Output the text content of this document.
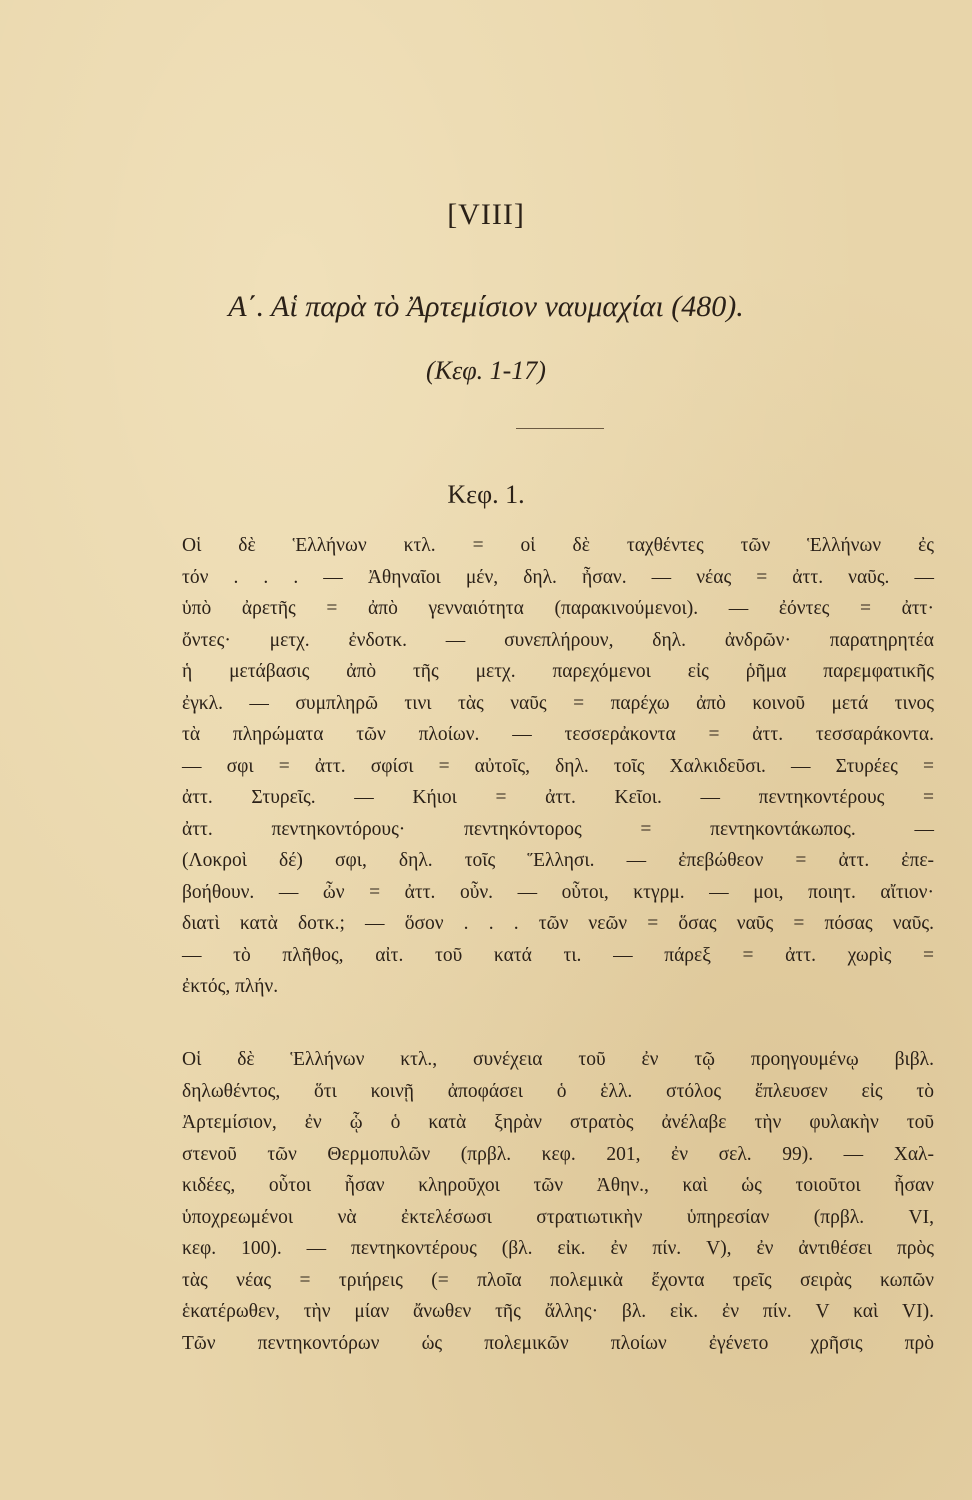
[VIII]
Α΄. Αἱ παρὰ τὸ Ἀρτεμίσιον ναυμαχίαι (480).
(Κεφ. 1-17)
Κεφ. 1.
Οἱ δὲ Ἑλλήνων κτλ. = οἱ δὲ ταχθέντες τῶν Ἑλλήνων ἐς
τόν . . . — Ἀθηναῖοι μέν, δηλ. ἦσαν. — νέας = ἀττ. ναῦς. —
ὑπὸ ἀρετῆς = ἀπὸ γενναιότητα (παρακινούμενοι). — ἐόντες = ἀττ·
ὄντες· μετχ. ἐνδοτκ. — συνεπλήρουν, δηλ. ἀνδρῶν· παρατηρητέα
ἡ μετάβασις ἀπὸ τῆς μετχ. παρεχόμενοι εἰς ῥῆμα παρεμφατικῆς
ἐγκλ. — συμπληρῶ τινι τὰς ναῦς = παρέχω ἀπὸ κοινοῦ μετά τινος
τὰ πληρώματα τῶν πλοίων. — τεσσερἀκοντα = ἀττ. τεσσαράκοντα.
— σφι = ἀττ. σφίσι = αὐτοῖς, δηλ. τοῖς Χαλκιδεῦσι. — Στυρέες =
ἀττ. Στυρεῖς. — Κήιοι = ἀττ. Κεῖοι. — πεντηκοντέρους =
ἀττ. πεντηκοντόρους· πεντηκόντορος = πεντηκοντάκωπος. —
(Λοκροὶ δέ) σφι, δηλ. τοῖς Ἕλλησι. — ἐπεβώθεον = ἀττ. ἐπε-
βοήθουν. — ὦν = ἀττ. οὖν. — οὗτοι, κτγρμ. — μοι, ποιητ. αἴτιον·
διατὶ κατὰ δοτκ.; — ὅσον . . . τῶν νεῶν = ὅσας ναῦς = πόσας ναῦς.
— τὸ πλῆθος, αἰτ. τοῦ κατά τι. — πάρεξ = ἀττ. χωρὶς =
ἐκτός, πλήν.
Οἱ δὲ Ἑλλήνων κτλ., συνέχεια τοῦ ἐν τῷ προηγουμένῳ βιβλ.
δηλωθέντος, ὅτι κοινῇ ἀποφάσει ὁ ἑλλ. στόλος ἔπλευσεν εἰς τὸ
Ἀρτεμίσιον, ἐν ᾧ ὁ κατὰ ξηρὰν στρατὸς ἀνέλαβε τὴν φυλακὴν τοῦ
στενοῦ τῶν Θερμοπυλῶν (πρβλ. κεφ. 201, ἐν σελ. 99). — Χαλ-
κιδέες, οὗτοι ἦσαν κληροῦχοι τῶν Ἀθην., καὶ ὡς τοιοῦτοι ἦσαν
ὑποχρεωμένοι νὰ ἐκτελέσωσι στρατιωτικὴν ὑπηρεσίαν (πρβλ. VI,
κεφ. 100). — πεντηκοντέρους (βλ. εἰκ. ἐν πίν. V), ἐν ἀντιθέσει πρὸς
τὰς νέας = τριήρεις (= πλοῖα πολεμικὰ ἔχοντα τρεῖς σειρὰς κωπῶν
ἑκατέρωθεν, τὴν μίαν ἄνωθεν τῆς ἄλλης· βλ. εἰκ. ἐν πίν. V καὶ VI).
Τῶν πεντηκοντόρων ὡς πολεμικῶν πλοίων ἐγένετο χρῆσις πρὸ
